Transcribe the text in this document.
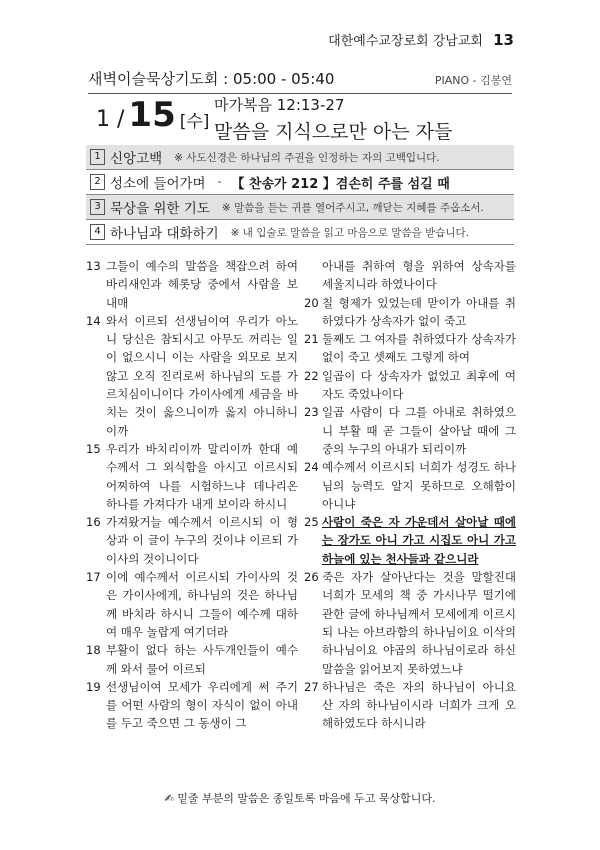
대한예수교장로회 강남교회 13
새벽이슬묵상기도회 : 05:00 - 05:40	PIANO - 김봉연
1 / 15 [수]
마가복음 12:13-27
말씀을 지식으로만 아는 자들
1 신앙고백 ※ 사도신경은 하나님의 주권을 인정하는 자의 고백입니다.
2 성소에 들어가며 - 【 찬송가 212 】겸손히 주를 섬길 때
3 묵상을 위한 기도 ※ 말씀을 듣는 귀를 열어주시고, 깨닫는 지혜를 주옵소서.
4 하나님과 대화하기 ※ 내 입술로 말씀을 읽고 마음으로 말씀을 받습니다.
13 그들이 예수의 말씀을 책잡으려 하여 바리새인과 헤롯당 중에서 사람을 보내매
14 와서 이르되 선생님이여 우리가 아노니 당신은 참되시고 아무도 꺼리는 일이 없으시니 이는 사람을 외모로 보지 않고 오직 진리로써 하나님의 도를 가르치심이니이다 가이사에게 세금을 바치는 것이 옳으니이까 옳지 아니하니이까
15 우리가 바치리이까 말리이까 한대 예수께서 그 외식함을 아시고 이르시되 어찌하여 나를 시험하느냐 데나리온 하나를 가져다가 내게 보이라 하시니
16 가져왔거늘 예수께서 이르시되 이 형상과 이 글이 누구의 것이냐 이르되 가이사의 것이니이다
17 이에 예수께서 이르시되 가이사의 것은 가이사에게, 하나님의 것은 하나님께 바치라 하시니 그들이 예수께 대하여 매우 놀랍게 여기더라
18 부활이 없다 하는 사두개인들이 예수께 와서 물어 이르되
19 선생님이여 모세가 우리에게 써 주기를 어떤 사람의 형이 자식이 없이 아내를 두고 죽으면 그 동생이 그
아내를 취하여 형을 위하여 상속자를 세울지니라 하였나이다
20 칠 형제가 있었는데 맏이가 아내를 취하였다가 상속자가 없이 죽고
21 둘째도 그 여자를 취하였다가 상속자가 없이 죽고 셋째도 그렇게 하여
22 일곱이 다 상속자가 없었고 최후에 여자도 죽었나이다
23 일곱 사람이 다 그를 아내로 취하였으니 부활 때 곧 그들이 살아날 때에 그 중의 누구의 아내가 되리이까
24 예수께서 이르시되 너희가 성경도 하나님의 능력도 알지 못하므로 오해함이 아니냐
25 사람이 죽은 자 가운데서 살아날 때에는 장가도 아니 가고 시집도 아니 가고 하늘에 있는 천사들과 같으니라
26 죽은 자가 살아난다는 것을 말할진대 너희가 모세의 책 중 가시나무 떨기에 관한 글에 하나님께서 모세에게 이르시되 나는 아브라함의 하나님이요 이삭의 하나님이요 야곱의 하나님이로라 하신 말씀을 읽어보지 못하였느냐
27 하나님은 죽은 자의 하나님이 아니요 산 자의 하나님이시라 너희가 크게 오해하였도다 하시니라
✍ 밑줄 부분의 말씀은 종일토록 마음에 두고 묵상합니다.
